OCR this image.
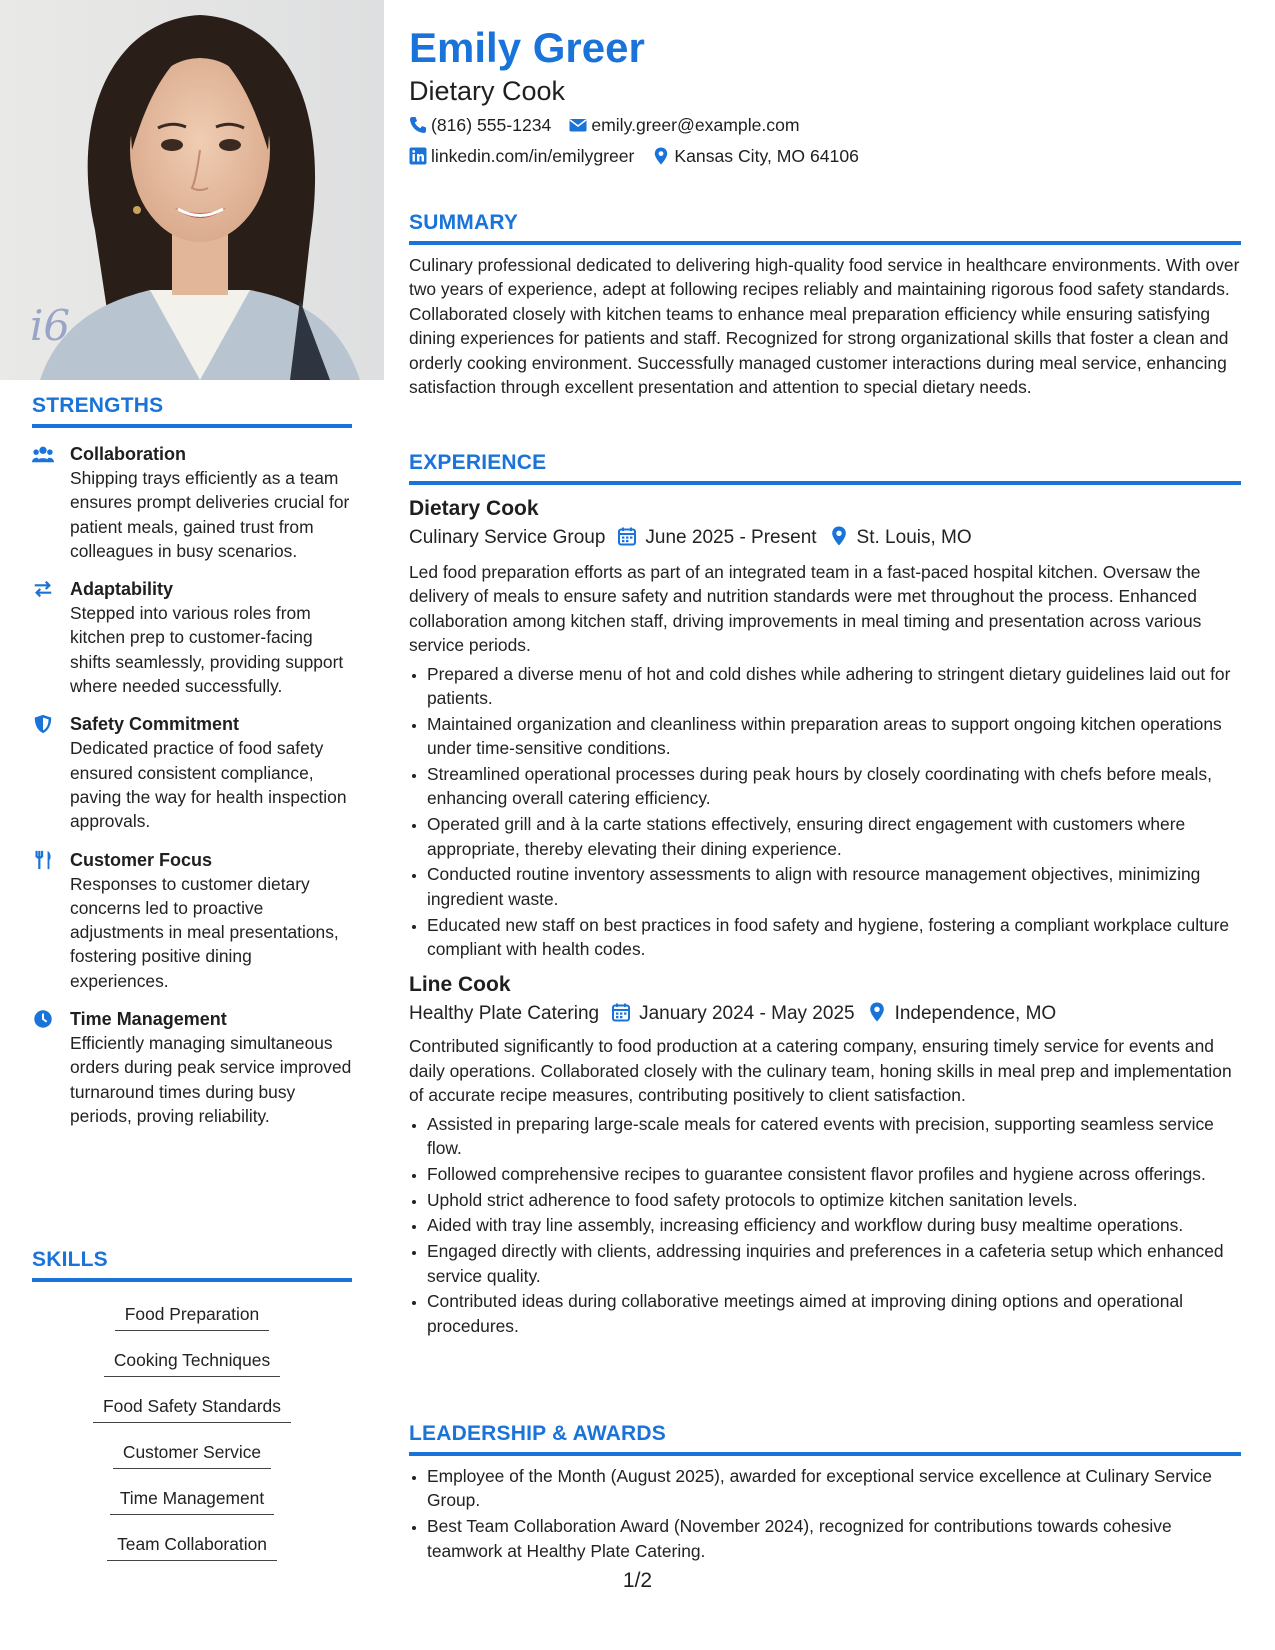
i6
STRENGTHS
Collaboration
Shipping trays efficiently as a team ensures prompt deliveries crucial for patient meals, gained trust from colleagues in busy scenarios.
Adaptability
Stepped into various roles from kitchen prep to customer-facing shifts seamlessly, providing support where needed successfully.
Safety Commitment
Dedicated practice of food safety ensured consistent compliance, paving the way for health inspection approvals.
Customer Focus
Responses to customer dietary concerns led to proactive adjustments in meal presentations, fostering positive dining experiences.
Time Management
Efficiently managing simultaneous orders during peak service improved turnaround times during busy periods, proving reliability.
SKILLS
Food Preparation
Cooking Techniques
Food Safety Standards
Customer Service
Time Management
Team Collaboration
Emily Greer
Dietary Cook
(816) 555-1234 emily.greer@example.com
linkedin.com/in/emilygreer Kansas City, MO 64106
SUMMARY

Culinary professional dedicated to delivering high-quality food service in healthcare environments. With over two years of experience, adept at following recipes reliably and maintaining rigorous food safety standards. Collaborated closely with kitchen teams to enhance meal preparation efficiency while ensuring satisfying dining experiences for patients and staff. Recognized for strong organizational skills that foster a clean and orderly cooking environment. Successfully managed customer interactions during meal service, enhancing satisfaction through excellent presentation and attention to special dietary needs.

EXPERIENCE
Dietary Cook
Culinary Service Group June 2025 - Present St. Louis, MO

Led food preparation efforts as part of an integrated team in a fast-paced hospital kitchen. Oversaw the delivery of meals to ensure safety and nutrition standards were met throughout the process. Enhanced collaboration among kitchen staff, driving improvements in meal timing and presentation across various service periods.

• Prepared a diverse menu of hot and cold dishes while adhering to stringent dietary guidelines laid out for patients.
• Maintained organization and cleanliness within preparation areas to support ongoing kitchen operations under time-sensitive conditions.
• Streamlined operational processes during peak hours by closely coordinating with chefs before meals, enhancing overall catering efficiency.
• Operated grill and à la carte stations effectively, ensuring direct engagement with customers where appropriate, thereby elevating their dining experience.
• Conducted routine inventory assessments to align with resource management objectives, minimizing ingredient waste.
• Educated new staff on best practices in food safety and hygiene, fostering a compliant workplace culture compliant with health codes.
Line Cook
Healthy Plate Catering January 2024 - May 2025 Independence, MO

Contributed significantly to food production at a catering company, ensuring timely service for events and daily operations. Collaborated closely with the culinary team, honing skills in meal prep and implementation of accurate recipe measures, contributing positively to client satisfaction.

• Assisted in preparing large-scale meals for catered events with precision, supporting seamless service flow.
• Followed comprehensive recipes to guarantee consistent flavor profiles and hygiene across offerings.
• Uphold strict adherence to food safety protocols to optimize kitchen sanitation levels.
• Aided with tray line assembly, increasing efficiency and workflow during busy mealtime operations.
• Engaged directly with clients, addressing inquiries and preferences in a cafeteria setup which enhanced service quality.
• Contributed ideas during collaborative meetings aimed at improving dining options and operational procedures.
LEADERSHIP & AWARDS
• Employee of the Month (August 2025), awarded for exceptional service excellence at Culinary Service Group.
• Best Team Collaboration Award (November 2024), recognized for contributions towards cohesive teamwork at Healthy Plate Catering.
1/2
